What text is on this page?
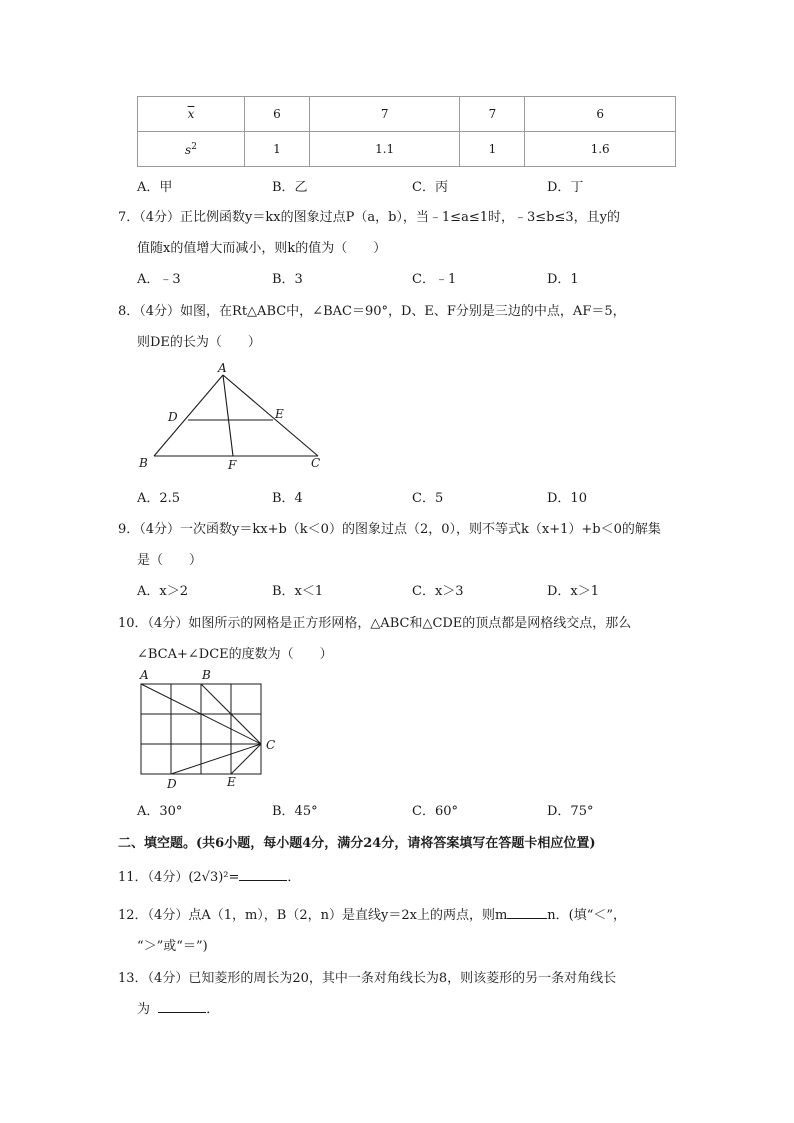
$\overline{x}$	6	7	7	6
$s^2$	1	1.1	1	1.6
A．甲	B．乙	C．丙	D．丁
7．（4分）正比例函数y＝kx的图象过点P（a，b），当﹣1≤a≤1时，﹣3≤b≤3，且y的
值随x的值增大而减小，则k的值为（　　）
A．﹣3	B．3	C．﹣1	D．1
8．（4分）如图，在Rt△ABC中，∠BAC＝90°，D、E、F分别是三边的中点，AF＝5，
则DE的长为（　　）
A
B	C
D	E
F
A．2.5	B．4	C．5	D．10
9．（4分）一次函数y＝kx+b（k＜0）的图象过点（2，0），则不等式k（x+1）+b＜0的解集
是（　　）
A．x＞2	B．x＜1	C．x＞3	D．x＞1
10．（4分）如图所示的网格是正方形网格，△ABC和△CDE的顶点都是网格线交点，那么
∠BCA+∠DCE的度数为（　　）
A	B
C
D	E
A．30°	B．45°	C．60°	D．75°
二、填空题。(共6小题，每小题4分，满分24分，请将答案填写在答题卡相应位置)
11．（4分）(2√3)²=	．
12．（4分）点A（1，m），B（2，n）是直线y＝2x上的两点，则m	n．(填“＜”，
“＞”或“＝”)
13．（4分）已知菱形的周长为20，其中一条对角线长为8，则该菱形的另一条对角线长
为	．
